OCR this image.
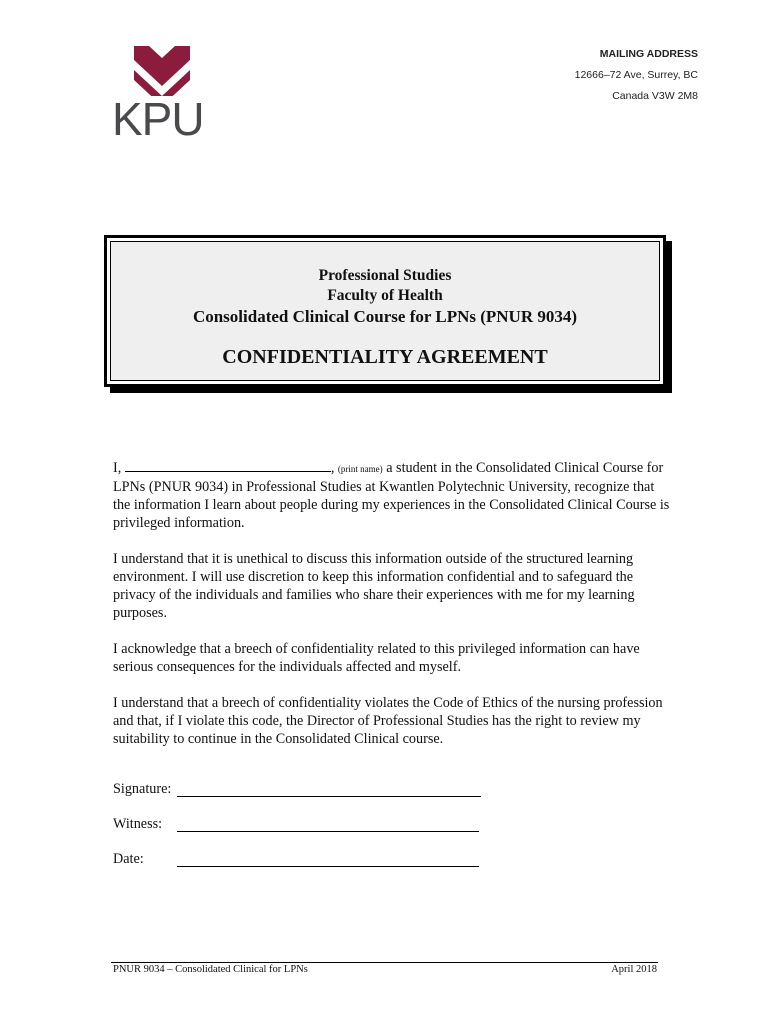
KPU
MAILING ADDRESS
12666–72 Ave, Surrey, BC
Canada V3W 2M8
Professional Studies
Faculty of Health
Consolidated Clinical Course for LPNs (PNUR 9034)
CONFIDENTIALITY AGREEMENT

I,	, (print name) a student in the Consolidated Clinical Course for LPNs (PNUR 9034) in Professional Studies at Kwantlen Polytechnic University, recognize that the information I learn about people during my experiences in the Consolidated Clinical Course is privileged information.

I understand that it is unethical to discuss this information outside of the structured learning environment. I will use discretion to keep this information confidential and to safeguard the privacy of the individuals and families who share their experiences with me for my learning purposes.

I acknowledge that a breech of confidentiality related to this privileged information can have serious consequences for the individuals affected and myself.

I understand that a breech of confidentiality violates the Code of Ethics of the nursing profession and that, if I violate this code, the Director of Professional Studies has the right to review my suitability to continue in the Consolidated Clinical course.

Signature:
Witness:
Date:
PNUR 9034 – Consolidated Clinical for LPNs	April 2018
